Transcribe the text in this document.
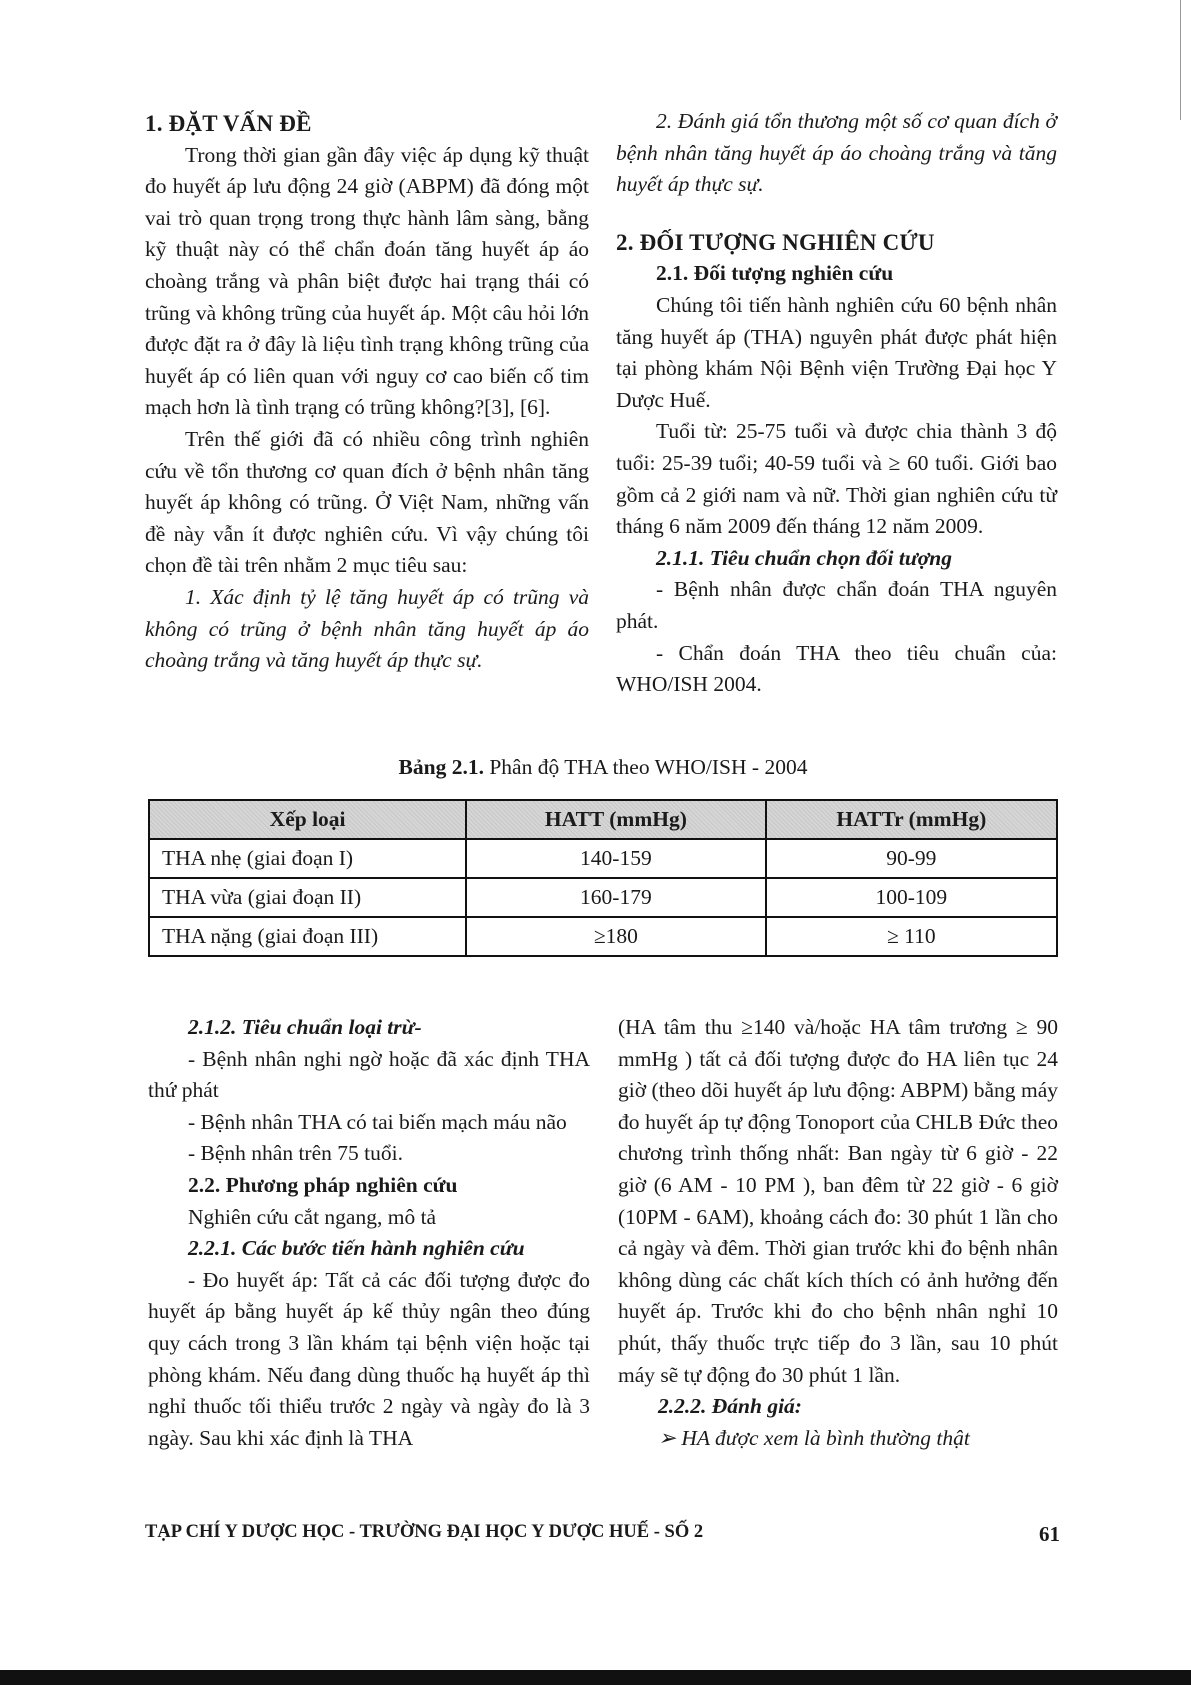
1. ĐẶT VẤN ĐỀ

Trong thời gian gần đây việc áp dụng kỹ thuật đo huyết áp lưu động 24 giờ (ABPM) đã đóng một vai trò quan trọng trong thực hành lâm sàng, bằng kỹ thuật này có thể chẩn đoán tăng huyết áp áo choàng trắng và phân biệt được hai trạng thái có trũng và không trũng của huyết áp. Một câu hỏi lớn được đặt ra ở đây là liệu tình trạng không trũng của huyết áp có liên quan với nguy cơ cao biến cố tim mạch hơn là tình trạng có trũng không?[3], [6].

Trên thế giới đã có nhiều công trình nghiên cứu về tổn thương cơ quan đích ở bệnh nhân tăng huyết áp không có trũng. Ở Việt Nam, những vấn đề này vẫn ít được nghiên cứu. Vì vậy chúng tôi chọn đề tài trên nhằm 2 mục tiêu sau:

1. Xác định tỷ lệ tăng huyết áp có trũng và không có trũng ở bệnh nhân tăng huyết áp áo choàng trắng và tăng huyết áp thực sự.

2. Đánh giá tổn thương một số cơ quan đích ở bệnh nhân tăng huyết áp áo choàng trắng và tăng huyết áp thực sự.

2. ĐỐI TƯỢNG NGHIÊN CỨU

2.1. Đối tượng nghiên cứu

Chúng tôi tiến hành nghiên cứu 60 bệnh nhân tăng huyết áp (THA) nguyên phát được phát hiện tại phòng khám Nội Bệnh viện Trường Đại học Y Dược Huế.

Tuổi từ: 25-75 tuổi và được chia thành 3 độ tuổi: 25-39 tuổi; 40-59 tuổi và ≥ 60 tuổi. Giới bao gồm cả 2 giới nam và nữ. Thời gian nghiên cứu từ tháng 6 năm 2009 đến tháng 12 năm 2009.

2.1.1. Tiêu chuẩn chọn đối tượng

- Bệnh nhân được chẩn đoán THA nguyên phát.

- Chẩn đoán THA theo tiêu chuẩn của: WHO/ISH 2004.

Bảng 2.1. Phân độ THA theo WHO/ISH - 2004
Xếp loại	HATT (mmHg)	HATTr (mmHg)
THA nhẹ (giai đoạn I)	140-159	90-99
THA vừa (giai đoạn II)	160-179	100-109
THA nặng (giai đoạn III)	≥180	≥ 110

2.1.2. Tiêu chuẩn loại trừ-

- Bệnh nhân nghi ngờ hoặc đã xác định THA thứ phát

- Bệnh nhân THA có tai biến mạch máu não

- Bệnh nhân trên 75 tuổi.

2.2. Phương pháp nghiên cứu

Nghiên cứu cắt ngang, mô tả

2.2.1. Các bước tiến hành nghiên cứu

- Đo huyết áp: Tất cả các đối tượng được đo huyết áp bằng huyết áp kế thủy ngân theo đúng quy cách trong 3 lần khám tại bệnh viện hoặc tại phòng khám. Nếu đang dùng thuốc hạ huyết áp thì nghỉ thuốc tối thiểu trước 2 ngày và ngày đo là 3 ngày. Sau khi xác định là THA

(HA tâm thu ≥140 và/hoặc HA tâm trương ≥ 90 mmHg ) tất cả đối tượng được đo HA liên tục 24 giờ (theo dõi huyết áp lưu động: ABPM) bằng máy đo huyết áp tự động Tonoport của CHLB Đức theo chương trình thống nhất: Ban ngày từ 6 giờ - 22 giờ (6 AM - 10 PM ), ban đêm từ 22 giờ - 6 giờ (10PM - 6AM), khoảng cách đo: 30 phút 1 lần cho cả ngày và đêm. Thời gian trước khi đo bệnh nhân không dùng các chất kích thích có ảnh hưởng đến huyết áp. Trước khi đo cho bệnh nhân nghỉ 10 phút, thấy thuốc trực tiếp đo 3 lần, sau 10 phút máy sẽ tự động đo 30 phút 1 lần.

2.2.2. Đánh giá:

➢ HA được xem là bình thường thật

TẠP CHÍ Y DƯỢC HỌC - TRƯỜNG ĐẠI HỌC Y DƯỢC HUẾ - SỐ 2	61
